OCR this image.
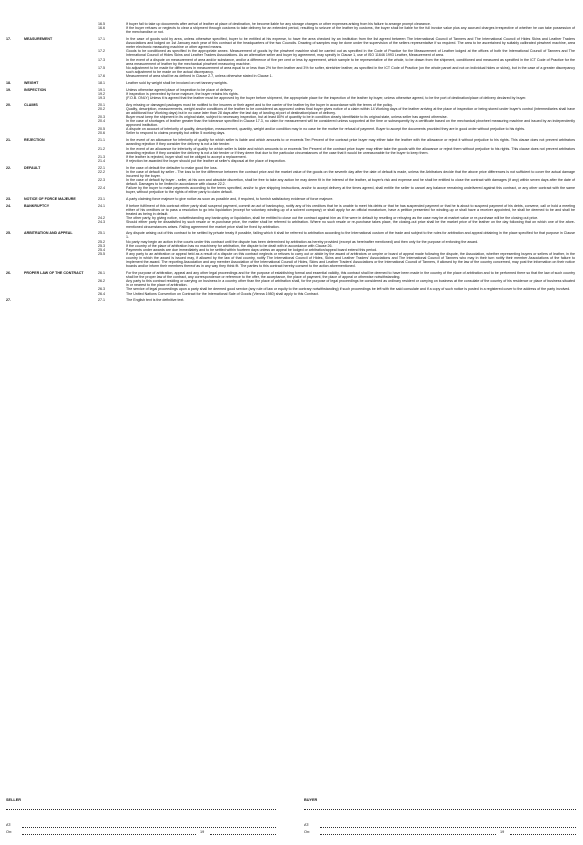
16.5	If buyer fail to take up documents after arrival of leather at place of destination, he become liable for any storage charges or other expenses arising from his failure to arrange prompt clearance.
16.6	If the buyer refuses or neglects to clear a shipment through customs to take delivery for an extended period, resulting to seizure of the leather by customs, the buyer shall be liable for the full invoice value plus any accrued charges irrespective of whether he can take possession of the merchandise or not.
17.	MEASUREMENT	17.1	In the case of goods sold by area, unless otherwise specified, buyer to be entitled at his expense, to have the area checked by an institution from the list agreed between The International Council of Tanners and The International Council of Hides Skins and Leather Traders Associations and lodged on 1st January each year of this contract at the headquarters of the two Councils. Drawing of samples may be done under the supervision of the sellers representative if so required. The area to be ascertained by suitably calibrated pinwheel machine, area meter electronic measuring machine or other agreed means.
17.2	Goods to be conditioned as specified in the appropriate annex. Measurement of goods by the pinwheel machine shall be carried out as specified in the Code of Practice for the Measurement of Leather lodged at the offices of both the International Council of Tanners and The International Council of Hides Skins and Leather Traders Associations. As an alternative seller and buyer by agreement, may specify in Clause 1, use of ISO 11646 1993 Leather, Measurement of area.
17.3	In the event of a dispute on measurement of area and/or substance, and/or a difference of five per cent or less by agreement, which sample to be representative of the whole, to be drawn from the shipment, conditioned and measured as specified in the ICT Code of Practice for the area measurement of leather by the mechanical pinwheel measuring machine.
17.5	No adjustment to be made for differences in measurement of area equal to or less than 2% for firm leather and 3% for softer, stretchier leather, as specified in the ICT Code of Practice (on the whole parcel and not on individual hides or skins), but in the case of a greater discrepancy such adjustment to be made on the actual discrepancy.
17.6	Measurement of area shall be as defined in Clause 2.7, unless otherwise stated in Clause 1.
18.	WEIGHT	18.1	Leather sold by weight shall be invoiced on net tannery weights.
19.	INSPECTION	19.1	Unless otherwise agreed place of inspection to be place of delivery.
19.2	If inspection is prevented by force majeure, the buyer retains his rights.
19.3	(F.O.B. ONLY) Unless it is agreed that the leather must be approved by the buyer before shipment, the appropriate place for the inspection of the leather by buyer, unless otherwise agreed, to be the port of destination/place of delivery declared by buyer.
20.	CLAIMS	20.1	Any missing or damaged packages must be notified to the insurers or their agent and to the carrier of the leather by the buyer in accordance with the terms of the policy.
20.2	Quality, description, measurements, weight and/or conditions of the leather to be considered as approved unless final buyer gives notice of a claim within 14 Working days of the leather arriving at the place of inspection or being stored under buyer's control (intermediaries shall have an additional four Working days) but in no case later than 28 days after the last day of landing at port of destination/place of delivery.
20.3	Buyer must keep the shipment in its original state, subject to necessary inspection, but at least 80% of quantity to be in condition clearly identifiable to its original state, unless seller has agreed otherwise.
20.4	In the case of shortages of leather greater than the tolerance specified in Clause 17.3, no claim for measurement will be considered unless supported at the time or subsequently by a certificate based on the mechanical pinwheel measuring machine and issued by an independently approved institution.
20.5	A dispute on account of inferiority of quality, description, measurement, quantity, weight and/or condition may in no case be the motive for refusal of payment. Buyer to accept the documents provided they are in good order without prejudice to his rights.
20.6	Seller to respond to claims promptly but within 5 working days.
21.	REJECTION	21.1	In the event of an allowance for inferiority of quality for which seller is liable and which amounts to or exceeds Ten Percent of the contract price buyer may either take the leather with the allowance or reject it without prejudice to his rights. This clause does not prevent arbitrators awarding rejection if they consider the delivery is not a fair tender.
21.2	In the event of an allowance for inferiority of quality for which seller is liable and which amounts to or exceeds Ten Percent of the contract price buyer may either take the goods with the allowance or reject them without prejudice to his rights. This clause does not prevent arbitrators awarding rejection if they consider the delivery is not a fair tender or if they deem that due to the particular circumstances of the case that it would be unreasonable for the buyer to keep them.
21.3	If the leather is rejected, buyer shall not be obliged to accept a replacement.
21.4	If rejection be awarded the buyer should put the leather at seller's disposal at the place of inspection.
22.	DEFAULT	22.1	In the case of default the defaulter to make good the loss.
22.2	In the case of default by seller - The loss to be the difference between the contract price and the market value of the goods on the seventh day after the date of default is made, unless the Arbitrators decide that the above price differences is not sufficient to cover the actual damage incurred by the buyer.
22.3	In the case of default by buyer - seller, at his own and absolute discretion, shall be free to take any action he may deem fit in the interest of the leather, at buyer's risk and expense and he shall be entitled to close the contract with damages (if any) within seven days after the date of default. Damages to be limited in accordance with clause 22.2.
22.4	Failure by the buyer to make payments according to the terms specified, and/or to give shipping instructions, and/or to accept delivery at the times agreed, shall entitle the seller to cancel any balance remaining undelivered against this contract, or any other contract with the same buyer, without prejudice to the rights of either party to claim default.
23.	NOTICE OF FORCE MAJEURE	23.1	A party claiming force majeure to give notice as soon as possible and, if required, to furnish satisfactory evidence of force majeure.
24.	BANKRUPTCY	24.1	If before fulfilment of this contract either party shall suspend payment, commit an act of bankruptcy, notify any of his creditors that he is unable to meet his debts or that he has suspended payment or that he is about to suspend payment of his debts, convene, call or hold a meeting either of his creditors or to pass a resolution to go into liquidation (except for voluntary winding-up of a solvent company) or shall apply for an official moratorium, have a petition presented for winding-up or shall have a receiver appointed, he shall be deemed to be and shall be treated as being in default.
24.2	The other party, by giving notice, notwithstanding any bankruptcy or liquidation, shall be entitled to close out the contract against him as if he were in default by reselling or rebuying as the case may be at market value or re-purchase will be the closing out price.
24.3	Should either party be dissatisfied by such resale or re-purchase price, the matter shall be referred to arbitration. Where no such resale or re-purchase takes place, the closing-out price shall be the market price of the leather on the day following that on which one of the afore-mentioned circumstances arises. Failing agreement the market price shall be fixed by arbitration.
25.	ARBITRATION AND APPEAL	25.1	Any dispute arising out of this contract to be settled by private treaty if possible, failing which it shall be referred to arbitration according to the International custom of the trade and subject to the rules for arbitration and appeal obtaining in the place specified for that purpose in Clause 1.
25.2	No party may begin an action in the courts under this contract until the dispute has been determined by arbitration as hereby provided (except as hereinafter mentioned) and then only for the purpose of enforcing the award.
25.3	If the country of the place of arbitration has no machinery for arbitration, the dispute to be dealt with in accordance with Clause 26.
25.4	Payments under awards are due immediately and to be settled within fourteen days unless an appeal be lodged or arbitration/appeal board extend this period.
25.5	If any party to an arbitration or appeal held as a result of a dispute on this contract neglects or refuses to carry out or abide by the award of arbitrators or umpire or board of appeal made following the dispute, the Association, whether representing buyers or sellers of leather, in the country in which the award is issued may, if allowed by the law of that country, notify The International Council of Hides, Skins and Leather Traders' Associations and The International Council of Tanners who may in their turn notify their member Associations of the failure to implement the award. The reporting Association and any member Association of the International Council of Hides, Skins and Leather Traders' Associations or the International Council of Tanners, if allowed by the law of the country concerned, may post the information on their notice boards and/or inform their members thereof as in any way they think fit. The parties to this contract hereby consent to the action aforementioned.
26.	PROPER LAW OF THE CONTRACT	26.1	For the purpose of arbitration, appeal and any other legal proceedings and for the purpose of establishing formal and essential validity, this contract shall be deemed to have been made in the country of the place of arbitration and to be performed there so that the law of such country shall be the proper law of the contract, any correspondence or reference to the offer, the acceptance, the place of payment, the place of appeal or otherwise notwithstanding.
26.2	Any party to this contract residing or carrying on business in a country other than the place of arbitration shall, for the purpose of legal proceedings be considered as ordinary resident or carrying on business at the consulate of the country of his residence or place of business situated in or nearest to the place of arbitration.
26.3	The service of legal proceedings upon a party shall be deemed good service (any rule of law or equity to the contrary notwithstanding) if such proceedings be left with the said consulate and if a copy of such notice is posted in a registered cover to the address of the party involved.
26.4	The United Nations Convention on Contract for the International Sale of Goods (Vienna 1980) shall apply to this Contract.
27.	27.1	The English text is the definitive text.
SELLER	BUYER
AT:	AT:
On:	19	On:	19
